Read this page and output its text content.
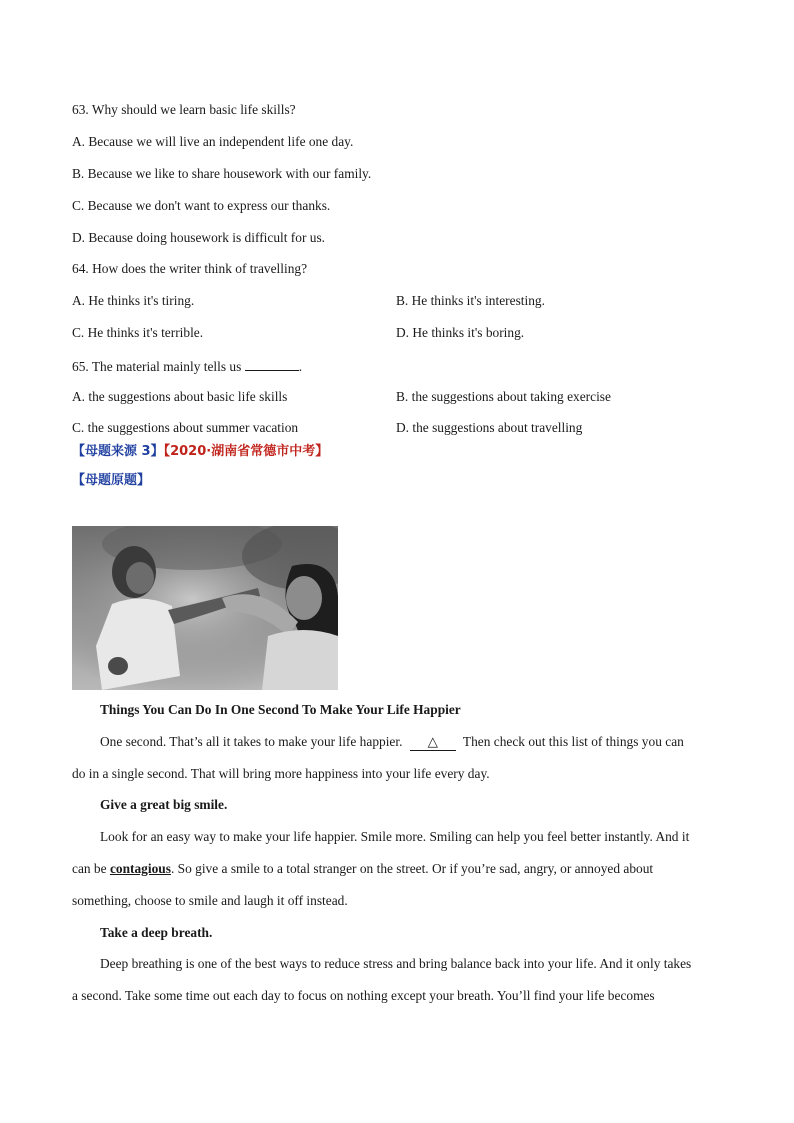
63. Why should we learn basic life skills?
A. Because we will live an independent life one day.
B. Because we like to share housework with our family.
C. Because we don't want to express our thanks.
D. Because doing housework is difficult for us.
64. How does the writer think of travelling?
A. He thinks it's tiring.	B. He thinks it's interesting.
C. He thinks it's terrible.	D. He thinks it's boring.
65. The material mainly tells us	.
A. the suggestions about basic life skills	B. the suggestions about taking exercise
C. the suggestions about summer vacation	D. the suggestions about travelling
【母题来源 3】【2020·湖南省常德市中考】
【母题原题】
Things You Can Do In One Second To Make Your Life Happier
One second. That’s all it takes to make your life happier. △ Then check out this list of things you can
do in a single second. That will bring more happiness into your life every day.
Give a great big smile.
Look for an easy way to make your life happier. Smile more. Smiling can help you feel better instantly. And it
can be contagious. So give a smile to a total stranger on the street. Or if you’re sad, angry, or annoyed about
something, choose to smile and laugh it off instead.
Take a deep breath.
Deep breathing is one of the best ways to reduce stress and bring balance back into your life. And it only takes
a second. Take some time out each day to focus on nothing except your breath. You’ll find your life becomes
